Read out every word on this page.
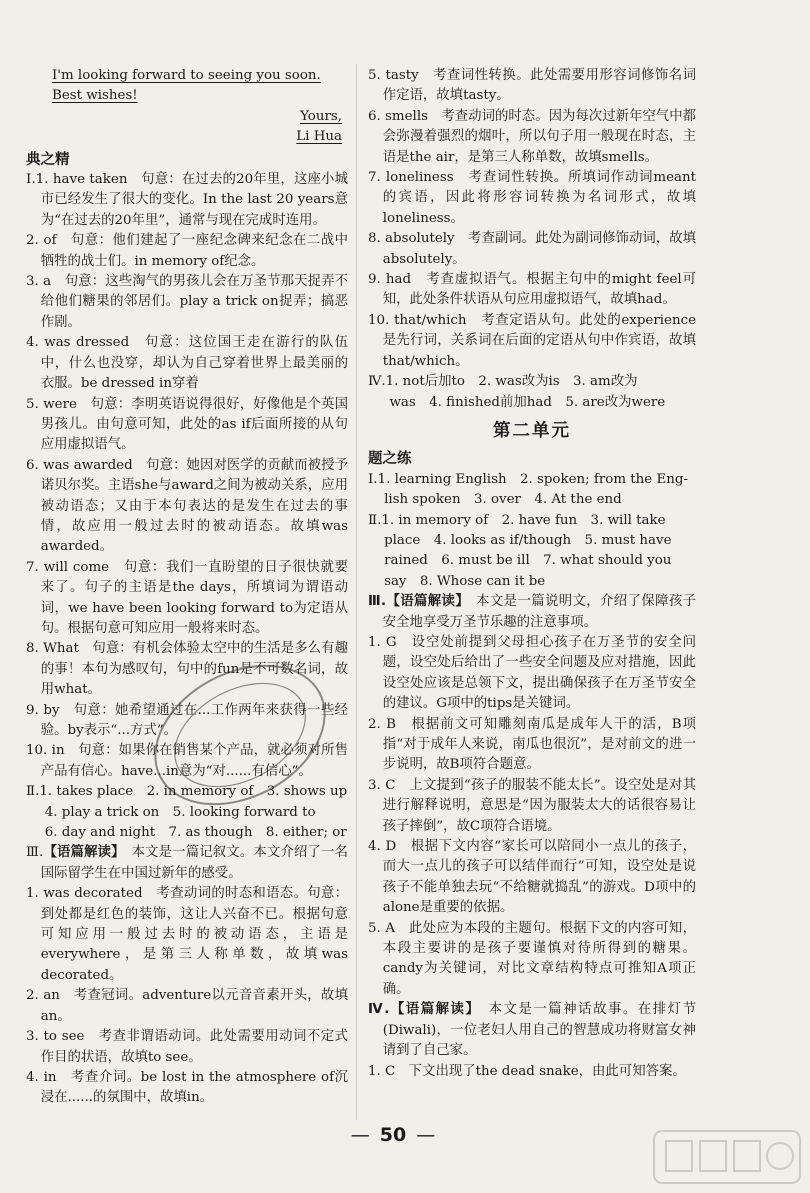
I'm looking forward to seeing you soon.

Best wishes!

Yours,

Li Hua

典之精

Ⅰ.1. have taken　句意：在过去的20年里，这座小城市已经发生了很大的变化。In the last 20 years意为“在过去的20年里”，通常与现在完成时连用。

2. of　句意：他们建起了一座纪念碑来纪念在二战中牺牲的战士们。in memory of纪念。

3. a　句意：这些淘气的男孩儿会在万圣节那天捉弄不给他们糖果的邻居们。play a trick on捉弄；搞恶作剧。

4. was dressed　句意：这位国王走在游行的队伍中，什么也没穿，却认为自己穿着世界上最美丽的衣服。be dressed in穿着

5. were　句意：李明英语说得很好，好像他是个英国男孩儿。由句意可知，此处的as if后面所接的从句应用虚拟语气。

6. was awarded　句意：她因对医学的贡献而被授予诺贝尔奖。主语she与award之间为被动关系，应用被动语态；又由于本句表达的是发生在过去的事情，故应用一般过去时的被动语态。故填was awarded。

7. will come　句意：我们一直盼望的日子很快就要来了。句子的主语是the days，所填词为谓语动词，we have been looking forward to为定语从句。根据句意可知应用一般将来时态。

8. What　句意：有机会体验太空中的生活是多么有趣的事！本句为感叹句，句中的fun是不可数名词，故用what。

9. by　句意：她希望通过在...工作两年来获得一些经验。by表示“...方式”。

10. in　句意：如果你在销售某个产品，就必须对所售产品有信心。have...in意为“对......有信心”。

Ⅱ.1. takes place　2. in memory of　3. shows up

4. play a trick on　5. looking forward to

6. day and night　7. as though　8. either; or

Ⅲ.【语篇解读】　 本文是一篇记叙文。本文介绍了一名国际留学生在中国过新年的感受。

1. was decorated　考查动词的时态和语态。句意：到处都是红色的装饰，这让人兴奋不已。根据句意可知应用一般过去时的被动语态，主语是everywhere，是第三人称单数，故填was decorated。

2. an　考查冠词。adventure以元音音素开头，故填an。

3. to see　考查非谓语动词。此处需要用动词不定式作目的状语，故填to see。

4. in　考查介词。be lost in the atmosphere of沉浸在......的氛围中，故填in。

5. tasty　考查词性转换。此处需要用形容词修饰名词作定语，故填tasty。

6. smells　考查动词的时态。因为每次过新年空气中都会弥漫着强烈的烟叶，所以句子用一般现在时态，主语是the air，是第三人称单数，故填smells。

7. loneliness　考查词性转换。所填词作动词meant的宾语，因此将形容词转换为名词形式，故填loneliness。

8. absolutely　考查副词。此处为副词修饰动词，故填absolutely。

9. had　考查虚拟语气。根据主句中的might feel可知，此处条件状语从句应用虚拟语气，故填had。

10. that/which　考查定语从句。此处的experience是先行词，关系词在后面的定语从句中作宾语，故填that/which。

Ⅳ.1. not后加to　2. was改为is　3. am改为

was　4. finished前加had　5. are改为were

第二单元

题之练

Ⅰ.1. learning English　2. spoken; from the Eng-

lish spoken　3. over　4. At the end

Ⅱ.1. in memory of　2. have fun　3. will take

place　4. looks as if/though　5. must have

rained　6. must be ill　7. what should you

say　8. Whose can it be

Ⅲ.【语篇解读】　 本文是一篇说明文，介绍了保障孩子安全地享受万圣节乐趣的注意事项。

1. G　设空处前提到父母担心孩子在万圣节的安全问题，设空处后给出了一些安全问题及应对措施，因此设空处应该是总领下文，提出确保孩子在万圣节安全的建议。G项中的tips是关键词。

2. B　根据前文可知雕刻南瓜是成年人干的活，B项指“对于成年人来说，南瓜也很沉”，是对前文的进一步说明，故B项符合题意。

3. C　上文提到“孩子的服装不能太长”。设空处是对其进行解释说明，意思是“因为服装太大的话很容易让孩子摔倒”，故C项符合语境。

4. D　根据下文内容“家长可以陪同小一点儿的孩子，而大一点儿的孩子可以结伴而行”可知，设空处是说孩子不能单独去玩“不给糖就捣乱”的游戏。D项中的alone是重要的依据。

5. A　此处应为本段的主题句。根据下文的内容可知，本段主要讲的是孩子要谨慎对待所得到的糖果。candy为关键词，对比文章结构特点可推知A项正确。

Ⅳ.【语篇解读】　 本文是一篇神话故事。在排灯节(Diwali)，一位老妇人用自己的智慧成功将财富女神请到了自己家。

1. C　下文出现了the dead snake，由此可知答案。

— 50 —
